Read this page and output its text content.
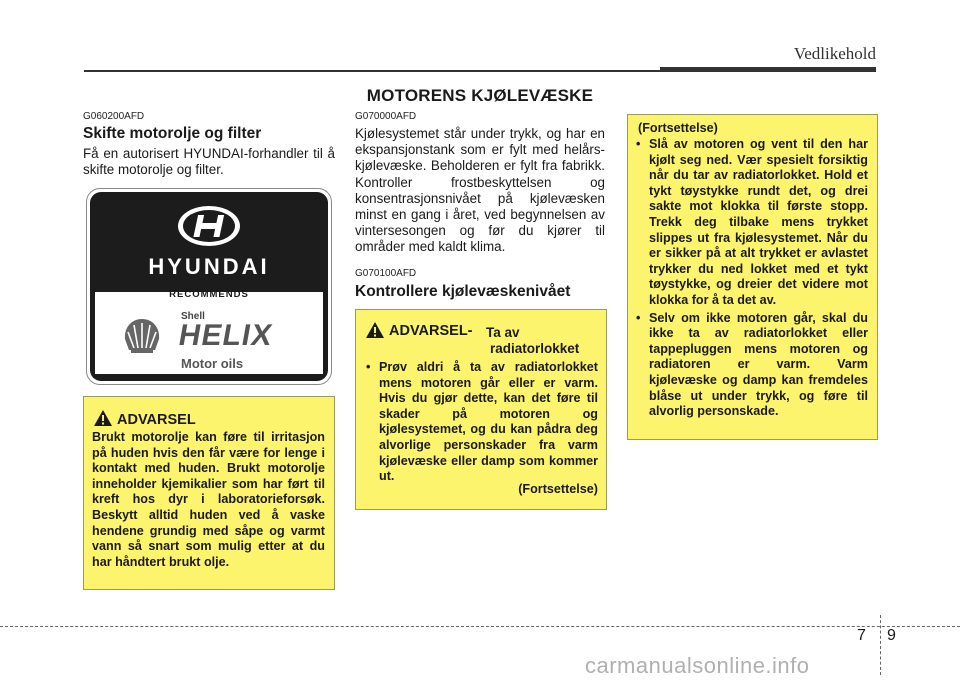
Vedlikehold
MOTORENS KJØLEVÆSKE
G060200AFD
Skifte motorolje og filter
Få en autorisert HYUNDAI-forhandler til å skifte motorolje og filter.
HYUNDAI
RECOMMENDS
Shell
HELIX
Motor oils
ADVARSEL
Brukt motorolje kan føre til irritasjon på huden hvis den får være for lenge i kontakt med huden. Brukt motorolje inneholder kjemikalier som har ført til kreft hos dyr i laboratorieforsøk. Beskytt alltid huden ved å vaske hendene grundig med såpe og varmt vann så snart som mulig etter at du har håndtert brukt olje.
G070000AFD
Kjølesystemet står under trykk, og har en ekspansjonstank som er fylt med helårs-kjølevæske. Beholderen er fylt fra fabrikk. Kontroller frostbeskyttelsen og konsentrasjonsnivået på kjølevæsken minst en gang i året, ved begynnelsen av vintersesongen og før du kjører til områder med kaldt klima.
G070100AFD
Kontrollere kjølevæskenivået
ADVARSEL- Ta av
radiatorlokket

• Prøv aldri å ta av radiatorlokket mens motoren går eller er varm. Hvis du gjør dette, kan det føre til skader på motoren og kjølesystemet, og du kan pådra deg alvorlige personskader fra varm kjølevæske eller damp som kommer ut.

(Fortsettelse)
(Fortsettelse)

• Slå av motoren og vent til den har kjølt seg ned. Vær spesielt forsiktig når du tar av radiatorlokket. Hold et tykt tøystykke rundt det, og drei sakte mot klokka til første stopp. Trekk deg tilbake mens trykket slippes ut fra kjølesystemet. Når du er sikker på at alt trykket er avlastet trykker du ned lokket med et tykt tøystykke, og dreier det videre mot klokka for å ta det av.

• Selv om ikke motoren går, skal du ikke ta av radiatorlokket eller tappepluggen mens motoren og radiatoren er varm. Varm kjølevæske og damp kan fremdeles blåse ut under trykk, og føre til alvorlig personskade.

7 9
carmanualsonline.info
